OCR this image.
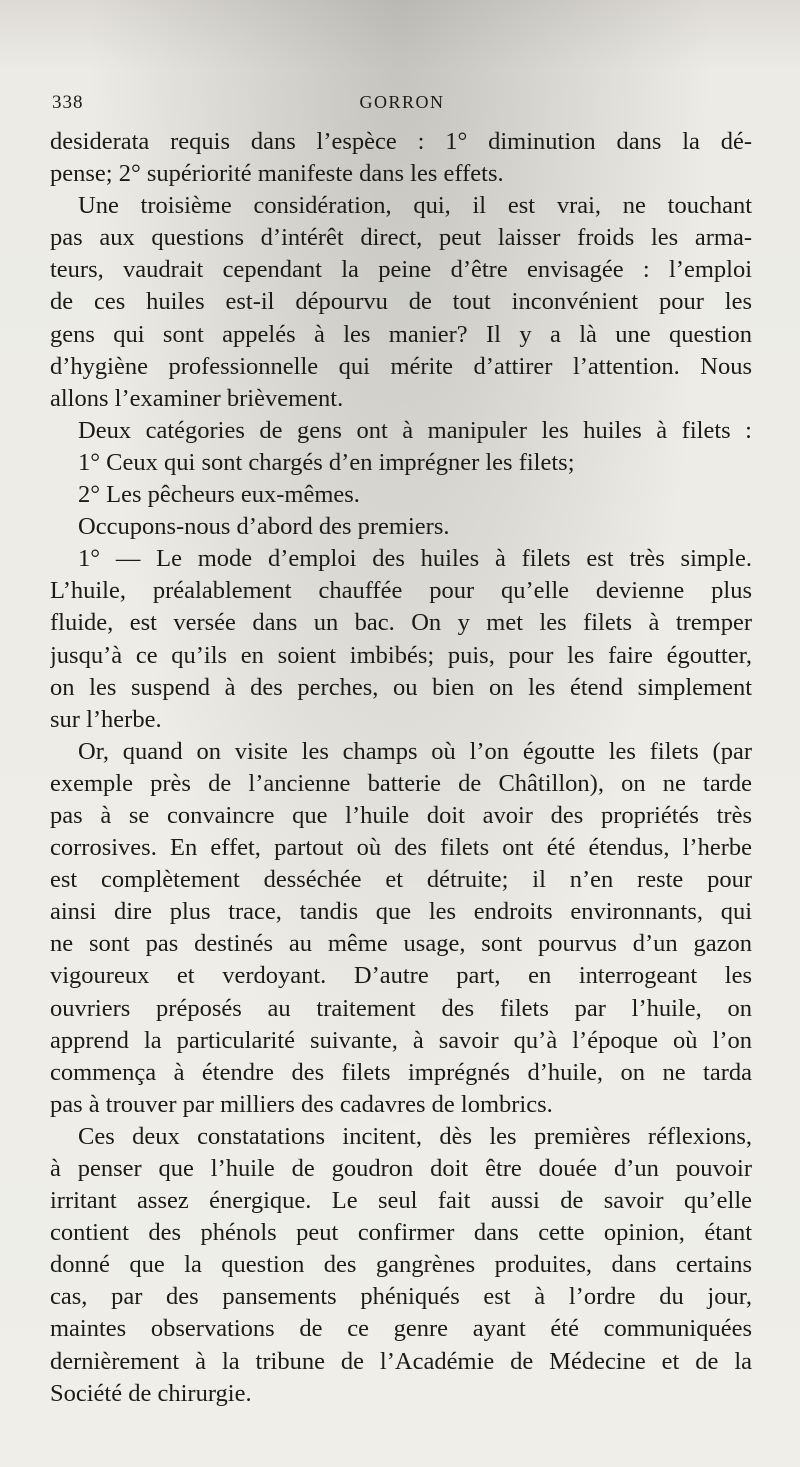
338	GORRON
desiderata requis dans l’espèce : 1° diminution dans la dé-
pense; 2° supériorité manifeste dans les effets.
Une troisième considération, qui, il est vrai, ne touchant
pas aux questions d’intérêt direct, peut laisser froids les arma-
teurs, vaudrait cependant la peine d’être envisagée : l’emploi
de ces huiles est-il dépourvu de tout inconvénient pour les
gens qui sont appelés à les manier? Il y a là une question
d’hygiène professionnelle qui mérite d’attirer l’attention. Nous
allons l’examiner brièvement.
Deux catégories de gens ont à manipuler les huiles à filets :
1° Ceux qui sont chargés d’en imprégner les filets;
2° Les pêcheurs eux-mêmes.
Occupons-nous d’abord des premiers.
1° — Le mode d’emploi des huiles à filets est très simple.
L’huile, préalablement chauffée pour qu’elle devienne plus
fluide, est versée dans un bac. On y met les filets à tremper
jusqu’à ce qu’ils en soient imbibés; puis, pour les faire égoutter,
on les suspend à des perches, ou bien on les étend simplement
sur l’herbe.
Or, quand on visite les champs où l’on égoutte les filets (par
exemple près de l’ancienne batterie de Châtillon), on ne tarde
pas à se convaincre que l’huile doit avoir des propriétés très
corrosives. En effet, partout où des filets ont été étendus, l’herbe
est complètement desséchée et détruite; il n’en reste pour
ainsi dire plus trace, tandis que les endroits environnants, qui
ne sont pas destinés au même usage, sont pourvus d’un gazon
vigoureux et verdoyant. D’autre part, en interrogeant les
ouvriers préposés au traitement des filets par l’huile, on
apprend la particularité suivante, à savoir qu’à l’époque où l’on
commença à étendre des filets imprégnés d’huile, on ne tarda
pas à trouver par milliers des cadavres de lombrics.
Ces deux constatations incitent, dès les premières réflexions,
à penser que l’huile de goudron doit être douée d’un pouvoir
irritant assez énergique. Le seul fait aussi de savoir qu’elle
contient des phénols peut confirmer dans cette opinion, étant
donné que la question des gangrènes produites, dans certains
cas, par des pansements phéniqués est à l’ordre du jour,
maintes observations de ce genre ayant été communiquées
dernièrement à la tribune de l’Académie de Médecine et de la
Société de chirurgie.
